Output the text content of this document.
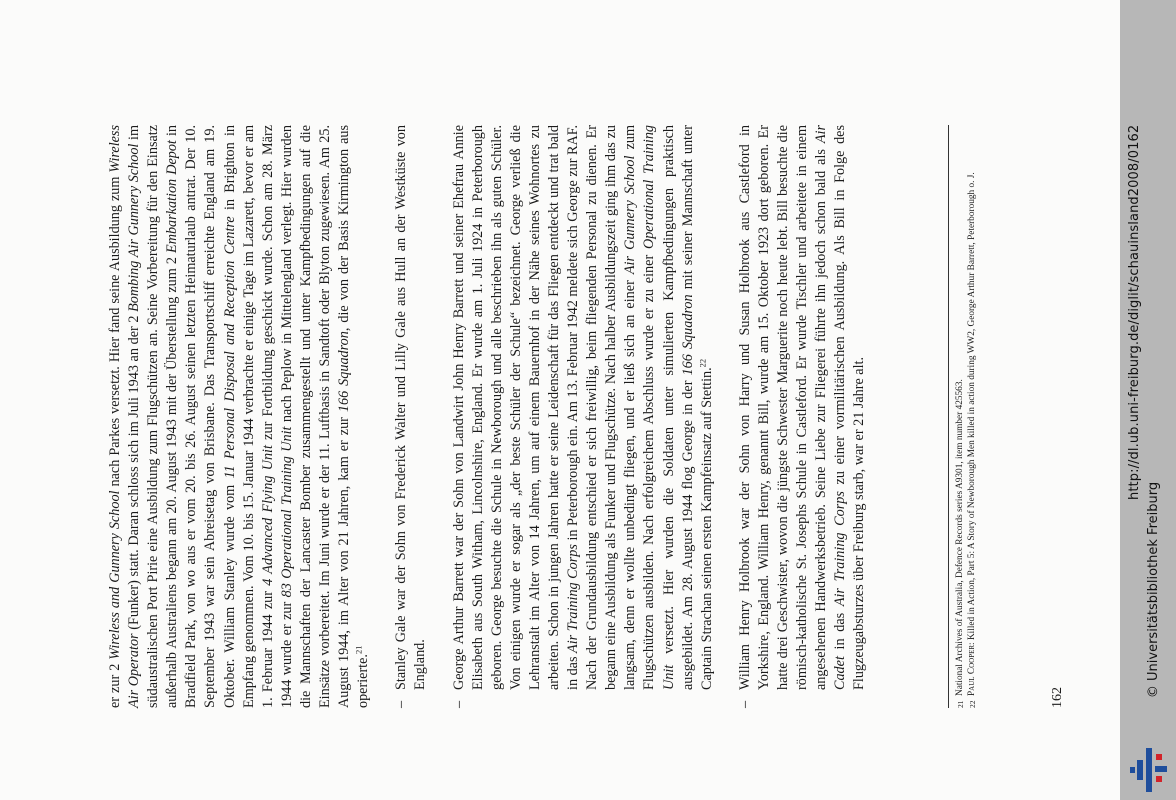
er zur 2 Wireless and Gunnery School nach Parkes versetzt. Hier fand seine Ausbildung zum Wireless Air Operator (Funker) statt. Daran schloss sich im Juli 1943 an der 2 Bombing Air Gunnery School im südaustralischen Port Pirie eine Ausbildung zum Flugschützen an. Seine Vorbereitung für den Einsatz außerhalb Australiens begann am 20. August 1943 mit der Überstellung zum 2 Embarkation Depot in Bradfield Park, von wo aus er vom 20. bis 26. August seinen letzten Heimaturlaub antrat. Der 10. September 1943 war sein Abreisetag von Brisbane. Das Transportschiff erreichte England am 19. Oktober. William Stanley wurde vom 11 Personal Disposal and Reception Centre in Brighton in Empfang genommen. Vom 10. bis 15. Januar 1944 verbrachte er einige Tage im Lazarett, bevor er am 1. Februar 1944 zur 4 Advanced Flying Unit zur Fortbildung geschickt wurde. Schon am 28. März 1944 wurde er zur 83 Operational Training Unit nach Peplow in Mittelengland verlegt. Hier wurden die Mannschaften der Lancaster Bomber zusammengestellt und unter Kampfbedingungen auf die Einsätze vorbereitet. Im Juni wurde er der 11. Luftbasis in Sandtoft oder Blyton zugewiesen. Am 25. August 1944, im Alter von 21 Jahren, kam er zur 166 Squadron, die von der Basis Kirmington aus operierte.$^{21}$

–

Stanley Gale war der Sohn von Frederick Walter und Lilly Gale aus Hull an der Westküste von England.

–

George Arthur Barrett war der Sohn von Landwirt John Henry Barrett und seiner Ehefrau Annie Elisabeth aus South Witham, Lincolnshire, England. Er wurde am 1. Juli 1924 in Peterborough geboren. George besuchte die Schule in Newborough und alle beschrieben ihn als guten Schüler. Von einigen wurde er sogar als „der beste Schüler der Schule“ bezeichnet. George verließ die Lehranstalt im Alter von 14 Jahren, um auf einem Bauernhof in der Nähe seines Wohnortes zu arbeiten. Schon in jungen Jahren hatte er seine Leidenschaft für das Fliegen entdeckt und trat bald in das Air Training Corps in Peterborough ein. Am 13. Februar 1942 meldete sich George zur RAF. Nach der Grundausbildung entschied er sich freiwillig, beim fliegenden Personal zu dienen. Er begann eine Ausbildung als Funker und Flugschütze. Nach halber Ausbildungszeit ging ihm das zu langsam, denn er wollte unbedingt fliegen, und er ließ sich an einer Air Gunnery School zum Flugschützen ausbilden. Nach erfolgreichem Abschluss wurde er zu einer Operational Training Unit versetzt. Hier wurden die Soldaten unter simulierten Kampfbedingungen praktisch ausgebildet. Am 28. August 1944 flog George in der 166 Squadron mit seiner Mannschaft unter Captain Strachan seinen ersten Kampfeinsatz auf Stettin.$^{22}$

–

William Henry Holbrook war der Sohn von Harry und Susan Holbrook aus Castleford in Yorkshire, England. William Henry, genannt Bill, wurde am 15. Oktober 1923 dort geboren. Er hatte drei Geschwister, wovon die jüngste Schwester Marguerite noch heute lebt. Bill besuchte die römisch-katholische St. Josephs Schule in Castleford. Er wurde Tischler und arbeitete in einem angesehenen Handwerksbetrieb. Seine Liebe zur Fliegerei führte ihn jedoch schon bald als Air Cadet in das Air Training Corps zu einer vormilitärischen Ausbildung. Als Bill in Folge des Flugzeugabsturzes über Freiburg starb, war er 21 Jahre alt.

21
National Archives of Australia, Defence Records series A9301, item number 425563.
22
Paul Cooper: Killed in Action, Part 5: A Story of Newborough Men killed in action during WW2, George Arthur Barrett, Peterborough o. J.
162	© Universitätsbibliothek Freiburg
http://dl.ub.uni-freiburg.de/diglit/schauinsland2008/0162
